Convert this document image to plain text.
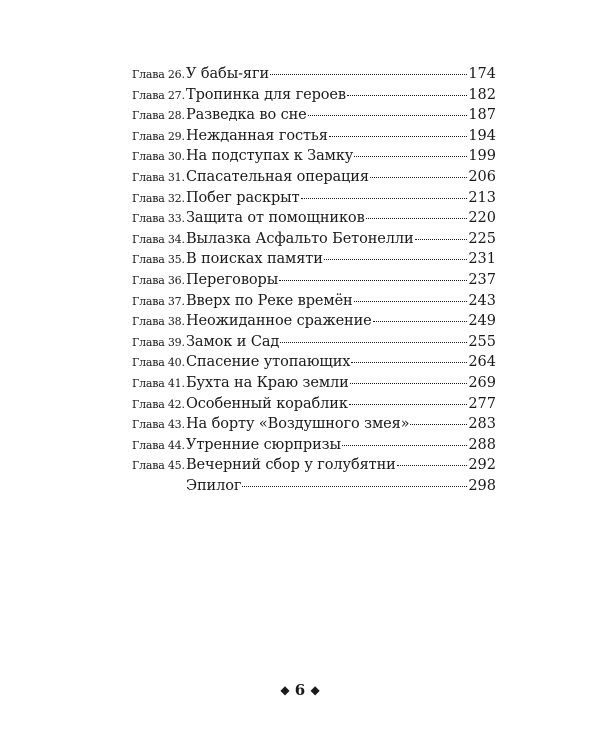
Глава 26. У бабы-яги	174
Глава 27. Тропинка для героев	182
Глава 28. Разведка во сне	187
Глава 29. Нежданная гостья	194
Глава 30. На подступах к Замку	199
Глава 31. Спасательная операция	206
Глава 32. Побег раскрыт	213
Глава 33. Защита от помощников	220
Глава 34. Вылазка Асфальто Бетонелли	225
Глава 35. В поисках памяти	231
Глава 36. Переговоры	237
Глава 37. Вверх по Реке времён	243
Глава 38. Неожиданное сражение	249
Глава 39. Замок и Сад	255
Глава 40. Спасение утопающих	264
Глава 41. Бухта на Краю земли	269
Глава 42. Особенный кораблик	277
Глава 43. На борту «Воздушного змея»	283
Глава 44. Утренние сюрпризы	288
Глава 45. Вечерний сбор у голубятни	292
Эпилог	298
◆ 6 ◆
